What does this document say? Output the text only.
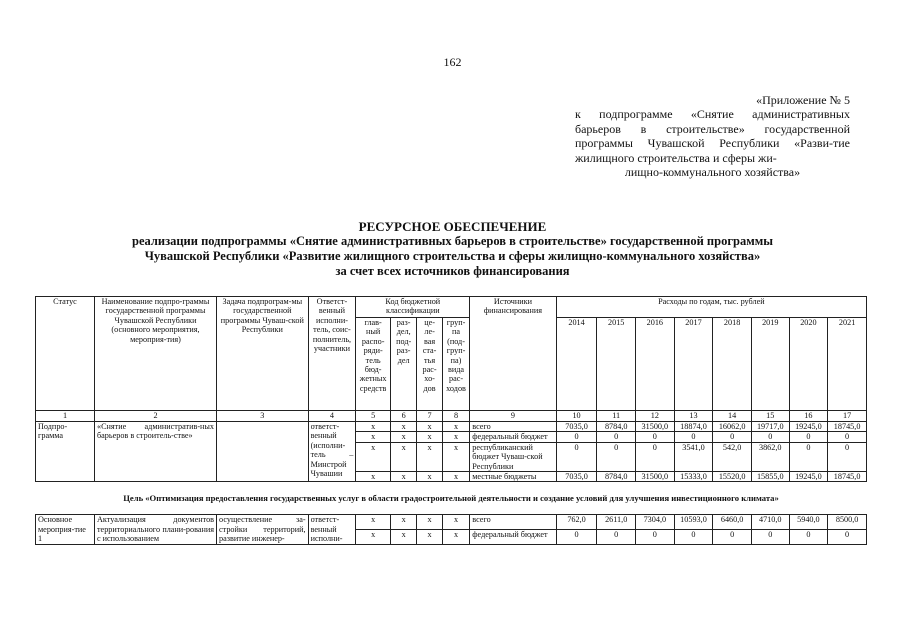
162
«Приложение № 5
к подпрограмме «Снятие административных барьеров в строительстве» государственной программы Чувашской Республики «Разви-тие жилищного строительства и сферы жи-
лищно-коммунального хозяйства»
РЕСУРСНОЕ ОБЕСПЕЧЕНИЕ
реализации подпрограммы «Снятие административных барьеров в строительстве» государственной программы
Чувашской Республики «Развитие жилищного строительства и сферы жилищно-коммунального хозяйства»
за счет всех источников финансирования
Статус	Наименование подпро-граммы государственной программы Чувашской Республики (основного мероприятия, мероприя-тия)	Задача подпрограм-мы государственной программы Чуваш-ской Республики	Ответст-венный исполни-тель, соис-полнитель, участники	Код бюджетной классификации				Источники финансирования	Расходы по годам, тыс. рублей							
				глав-ный распо-ряди-тель бюд-жетных средств	раз-дел, под-раз-дел	це-ле-вая ста-тья рас-хо-дов	груп-па (под-груп-па) вида рас-ходов		2014	2015	2016	2017	2018	2019	2020	2021
1	2	3	4	5	6	7	8	9	10	11	12	13	14	15	16	17
Подпро-грамма	«Снятие административ-ных барьеров в строитель-стве»		ответст-венный (исполни-тель – Минстрой Чувашии	x	x	x	x	всего	7035,0	8784,0	31500,0	18874,0	16062,0	19717,0	19245,0	18745,0
				x	x	x	x	федеральный бюджет	0	0	0	0	0	0	0	0
				x	x	x	x	республиканский бюджет Чуваш-ской Республики	0	0	0	3541,0	542,0	3862,0	0	0
				x	x	x	x	местные бюджеты	7035,0	8784,0	31500,0	15333,0	15520,0	15855,0	19245,0	18745,0
Цель «Оптимизация предоставления государственных услуг в области градостроительной деятельности и создание условий для улучшения инвестиционного климата»																
Основное мероприя-тие 1	Актуализация документов территориального плани-рования с использованием	осуществление за-стройки территорий, развитие инженер-	ответст-венный исполни-	x	x	x	x	всего	762,0	2611,0	7304,0	10593,0	6460,0	4710,0	5940,0	8500,0
				x	x	x	x	федеральный бюджет	0	0	0	0	0	0	0	0
